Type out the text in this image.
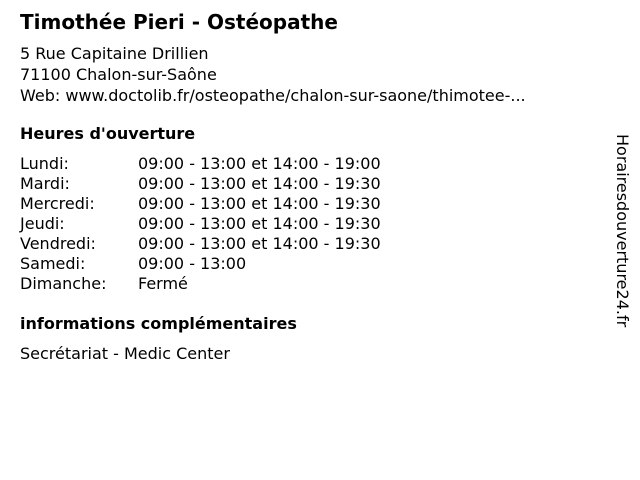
Timothée Pieri - Ostéopathe
5 Rue Capitaine Drillien
71100 Chalon-sur-Saône
Web: www.doctolib.fr/osteopathe/chalon-sur-saone/thimotee-...
Heures d'ouverture
Lundi:	09:00 - 13:00 et 14:00 - 19:00
Mardi:	09:00 - 13:00 et 14:00 - 19:30
Mercredi:	09:00 - 13:00 et 14:00 - 19:30
Jeudi:	09:00 - 13:00 et 14:00 - 19:30
Vendredi:	09:00 - 13:00 et 14:00 - 19:30
Samedi:	09:00 - 13:00
Dimanche:	Fermé
informations complémentaires
Secrétariat - Medic Center
Horairesdouverture24.fr
